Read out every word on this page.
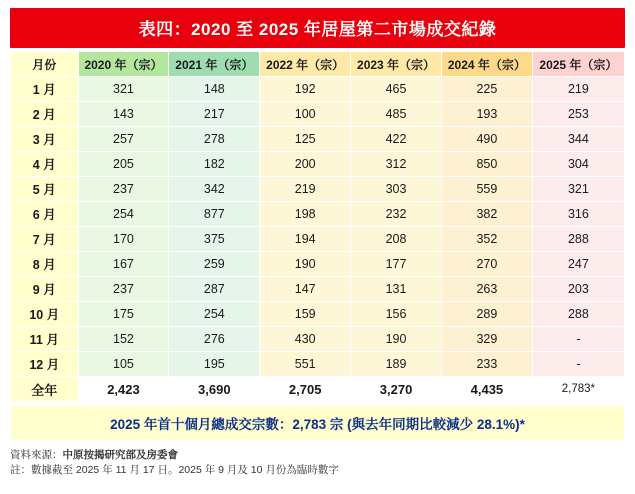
表四：2020 至 2025 年居屋第二市場成交紀錄
月份	2020 年（宗）	2021 年（宗）	2022 年（宗）	2023 年（宗）	2024 年（宗）	2025 年（宗）
1 月	321	148	192	465	225	219
2 月	143	217	100	485	193	253
3 月	257	278	125	422	490	344
4 月	205	182	200	312	850	304
5 月	237	342	219	303	559	321
6 月	254	877	198	232	382	316
7 月	170	375	194	208	352	288
8 月	167	259	190	177	270	247
9 月	237	287	147	131	263	203
10 月	175	254	159	156	289	288
11 月	152	276	430	190	329	-
12 月	105	195	551	189	233	-
全年	2,423	3,690	2,705	3,270	4,435	2,783*
2025 年首十個月總成交宗數：2,783 宗 (與去年同期比較減少 28.1%)*
資料來源：中原按揭研究部及房委會
註：數據截至 2025 年 11 月 17 日。2025 年 9 月及 10 月份為臨時數字
